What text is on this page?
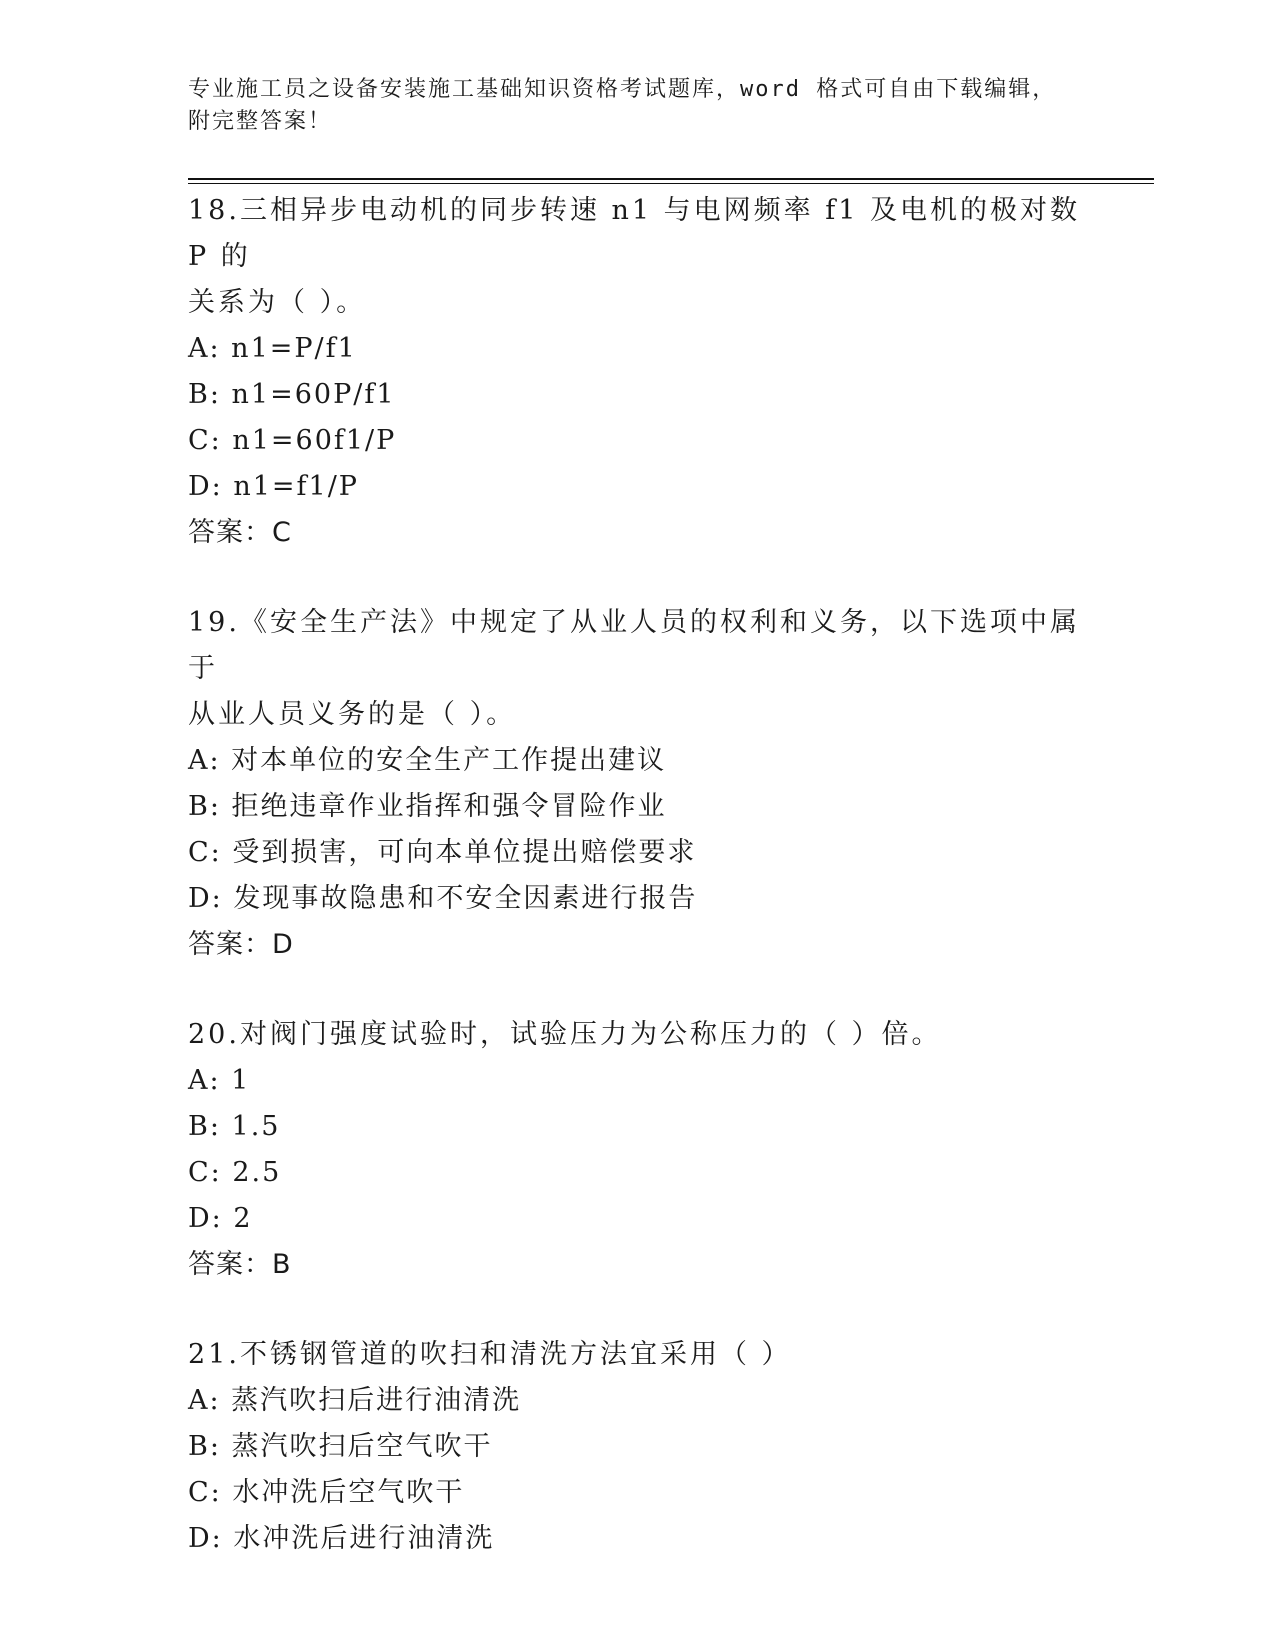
专业施工员之设备安装施工基础知识资格考试题库，word 格式可自由下载编辑，
附完整答案！

18.三相异步电动机的同步转速 n1 与电网频率 f1 及电机的极对数 P 的

关系为（ ）。

A: n1=P/f1

B: n1=60P/f1

C: n1=60f1/P

D: n1=f1/P

答案：C

19.《安全生产法》中规定了从业人员的权利和义务，以下选项中属于

从业人员义务的是（ ）。

A: 对本单位的安全生产工作提出建议

B: 拒绝违章作业指挥和强令冒险作业

C: 受到损害，可向本单位提出赔偿要求

D: 发现事故隐患和不安全因素进行报告

答案：D

20.对阀门强度试验时，试验压力为公称压力的（ ）倍。

A: 1

B: 1.5

C: 2.5

D: 2

答案：B

21.不锈钢管道的吹扫和清洗方法宜采用（ ）

A: 蒸汽吹扫后进行油清洗

B: 蒸汽吹扫后空气吹干

C: 水冲洗后空气吹干

D: 水冲洗后进行油清洗
